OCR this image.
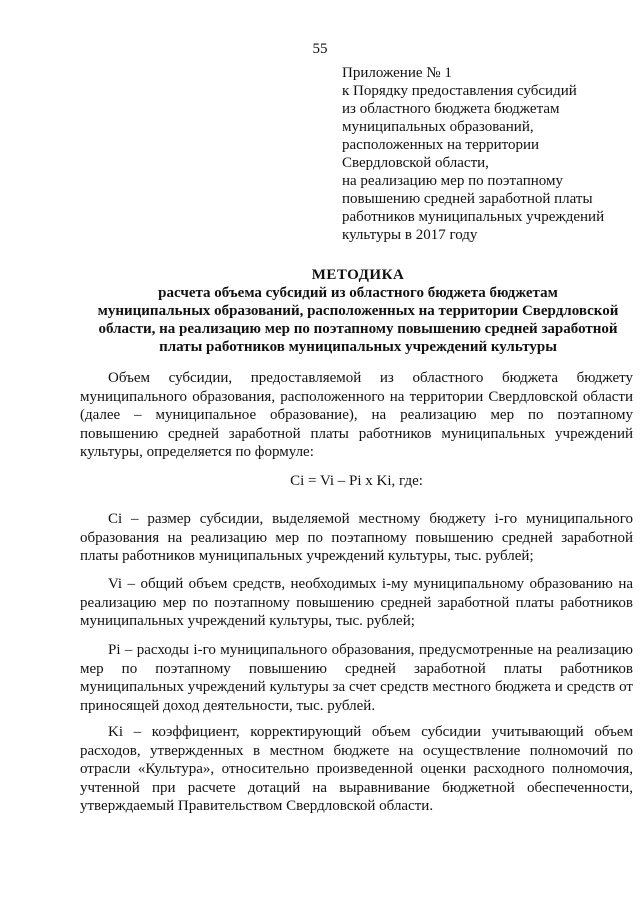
55
Приложение № 1
к Порядку предоставления субсидий
из областного бюджета бюджетам
муниципальных образований,
расположенных на территории
Свердловской области,
на реализацию мер по поэтапному
повышению средней заработной платы
работников муниципальных учреждений
культуры в 2017 году
МЕТОДИКА
расчета объема субсидий из областного бюджета бюджетам
муниципальных образований, расположенных на территории Свердловской
области, на реализацию мер по поэтапному повышению средней заработной
платы работников муниципальных учреждений культуры

Объем субсидии, предоставляемой из областного бюджета бюджету муниципального образования, расположенного на территории Свердловской области (далее – муниципальное образование), на реализацию мер по поэтапному повышению средней заработной платы работников муниципальных учреждений культуры, определяется по формуле:

Ci = Vi – Pi x Ki, где:

Ci – размер субсидии, выделяемой местному бюджету i-го муниципального образования на реализацию мер по поэтапному повышению средней заработной платы работников муниципальных учреждений культуры, тыс. рублей;

Vi – общий объем средств, необходимых i-му муниципальному образованию на реализацию мер по поэтапному повышению средней заработной платы работников муниципальных учреждений культуры, тыс. рублей;

Pi – расходы i-го муниципального образования, предусмотренные на реализацию мер по поэтапному повышению средней заработной платы работников муниципальных учреждений культуры за счет средств местного бюджета и средств от приносящей доход деятельности, тыс. рублей.

Ki – коэффициент, корректирующий объем субсидии учитывающий объем расходов, утвержденных в местном бюджете на осуществление полномочий по отрасли «Культура», относительно произведенной оценки расходного полномочия, учтенной при расчете дотаций на выравнивание бюджетной обеспеченности, утверждаемый Правительством Свердловской области.
